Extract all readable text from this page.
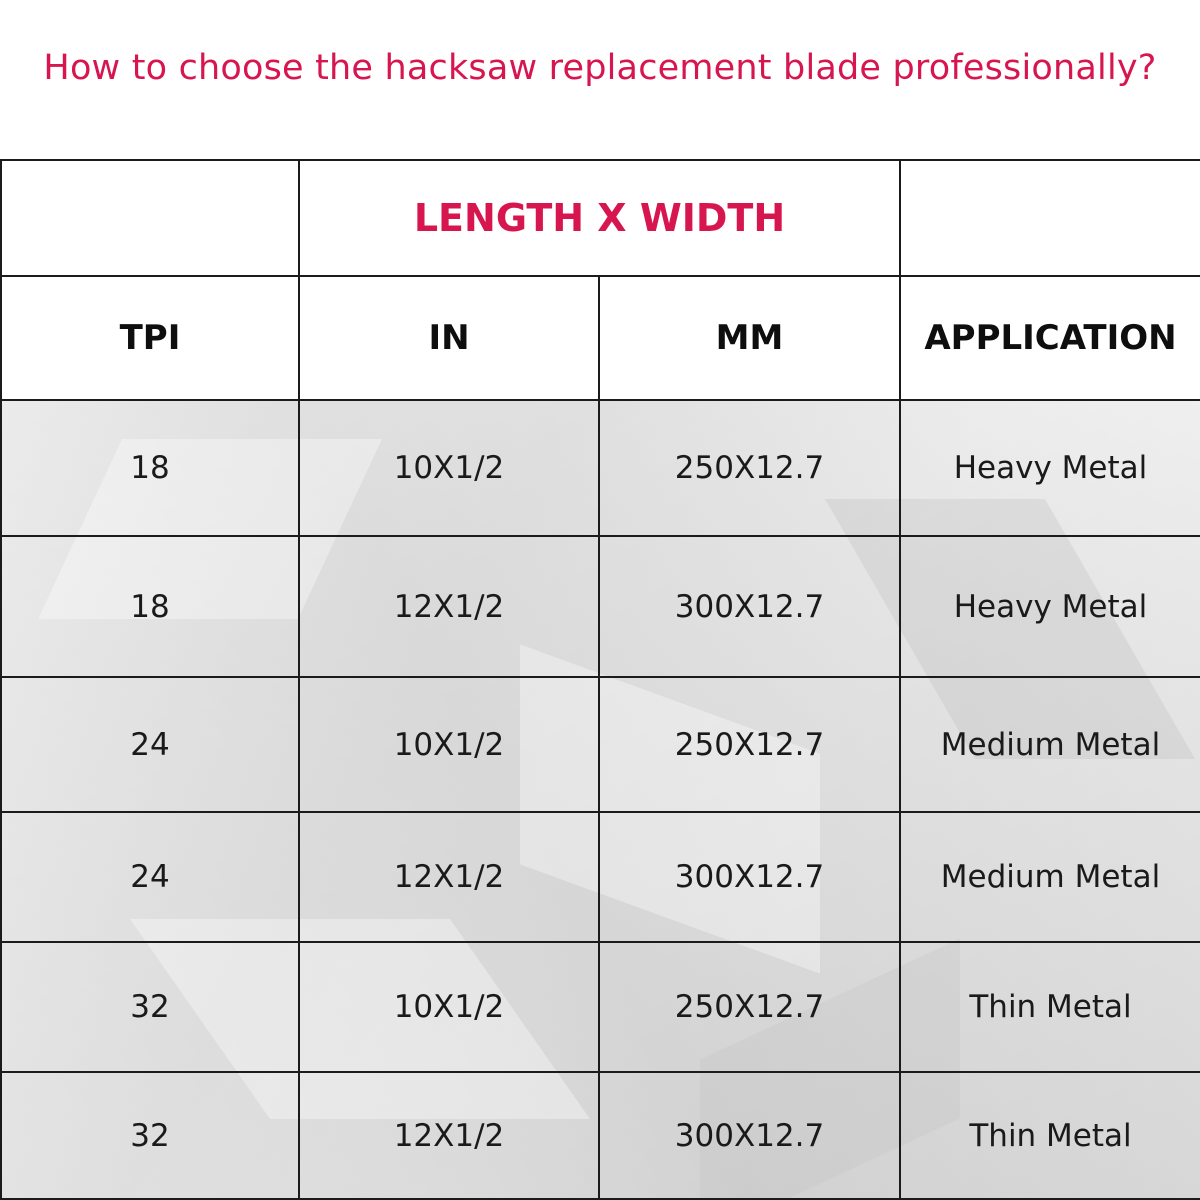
How to choose the hacksaw replacement blade professionally?
	LENGTH X WIDTH		
TPI	IN	MM	APPLICATION
18	10X1/2	250X12.7	Heavy Metal
18	12X1/2	300X12.7	Heavy Metal
24	10X1/2	250X12.7	Medium Metal
24	12X1/2	300X12.7	Medium Metal
32	10X1/2	250X12.7	Thin Metal
32	12X1/2	300X12.7	Thin Metal
